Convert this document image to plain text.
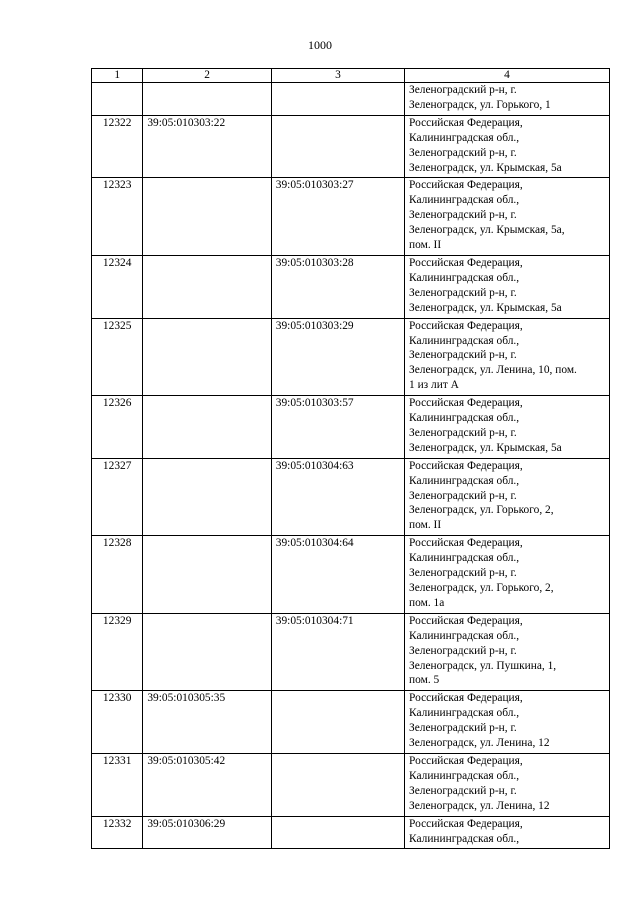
1000
1	2	3	4

			Зеленоградский р-н, г.
Зеленоградск, ул. Горького, 1

12322	39:05:010303:22		Российская Федерация,
Калининградская обл.,
Зеленоградский р-н, г.
Зеленоградск, ул. Крымская, 5а

12323		39:05:010303:27	Российская Федерация,
Калининградская обл.,
Зеленоградский р-н, г.
Зеленоградск, ул. Крымская, 5а,
пом. II

12324		39:05:010303:28	Российская Федерация,
Калининградская обл.,
Зеленоградский р-н, г.
Зеленоградск, ул. Крымская, 5а

12325		39:05:010303:29	Российская Федерация,
Калининградская обл.,
Зеленоградский р-н, г.
Зеленоградск, ул. Ленина, 10, пом.
1 из лит А

12326		39:05:010303:57	Российская Федерация,
Калининградская обл.,
Зеленоградский р-н, г.
Зеленоградск, ул. Крымская, 5а

12327		39:05:010304:63	Российская Федерация,
Калининградская обл.,
Зеленоградский р-н, г.
Зеленоградск, ул. Горького, 2,
пом. II

12328		39:05:010304:64	Российская Федерация,
Калининградская обл.,
Зеленоградский р-н, г.
Зеленоградск, ул. Горького, 2,
пом. 1а

12329		39:05:010304:71	Российская Федерация,
Калининградская обл.,
Зеленоградский р-н, г.
Зеленоградск, ул. Пушкина, 1,
пом. 5

12330	39:05:010305:35		Российская Федерация,
Калининградская обл.,
Зеленоградский р-н, г.
Зеленоградск, ул. Ленина, 12

12331	39:05:010305:42		Российская Федерация,
Калининградская обл.,
Зеленоградский р-н, г.
Зеленоградск, ул. Ленина, 12

12332	39:05:010306:29		Российская Федерация,
Калининградская обл.,
